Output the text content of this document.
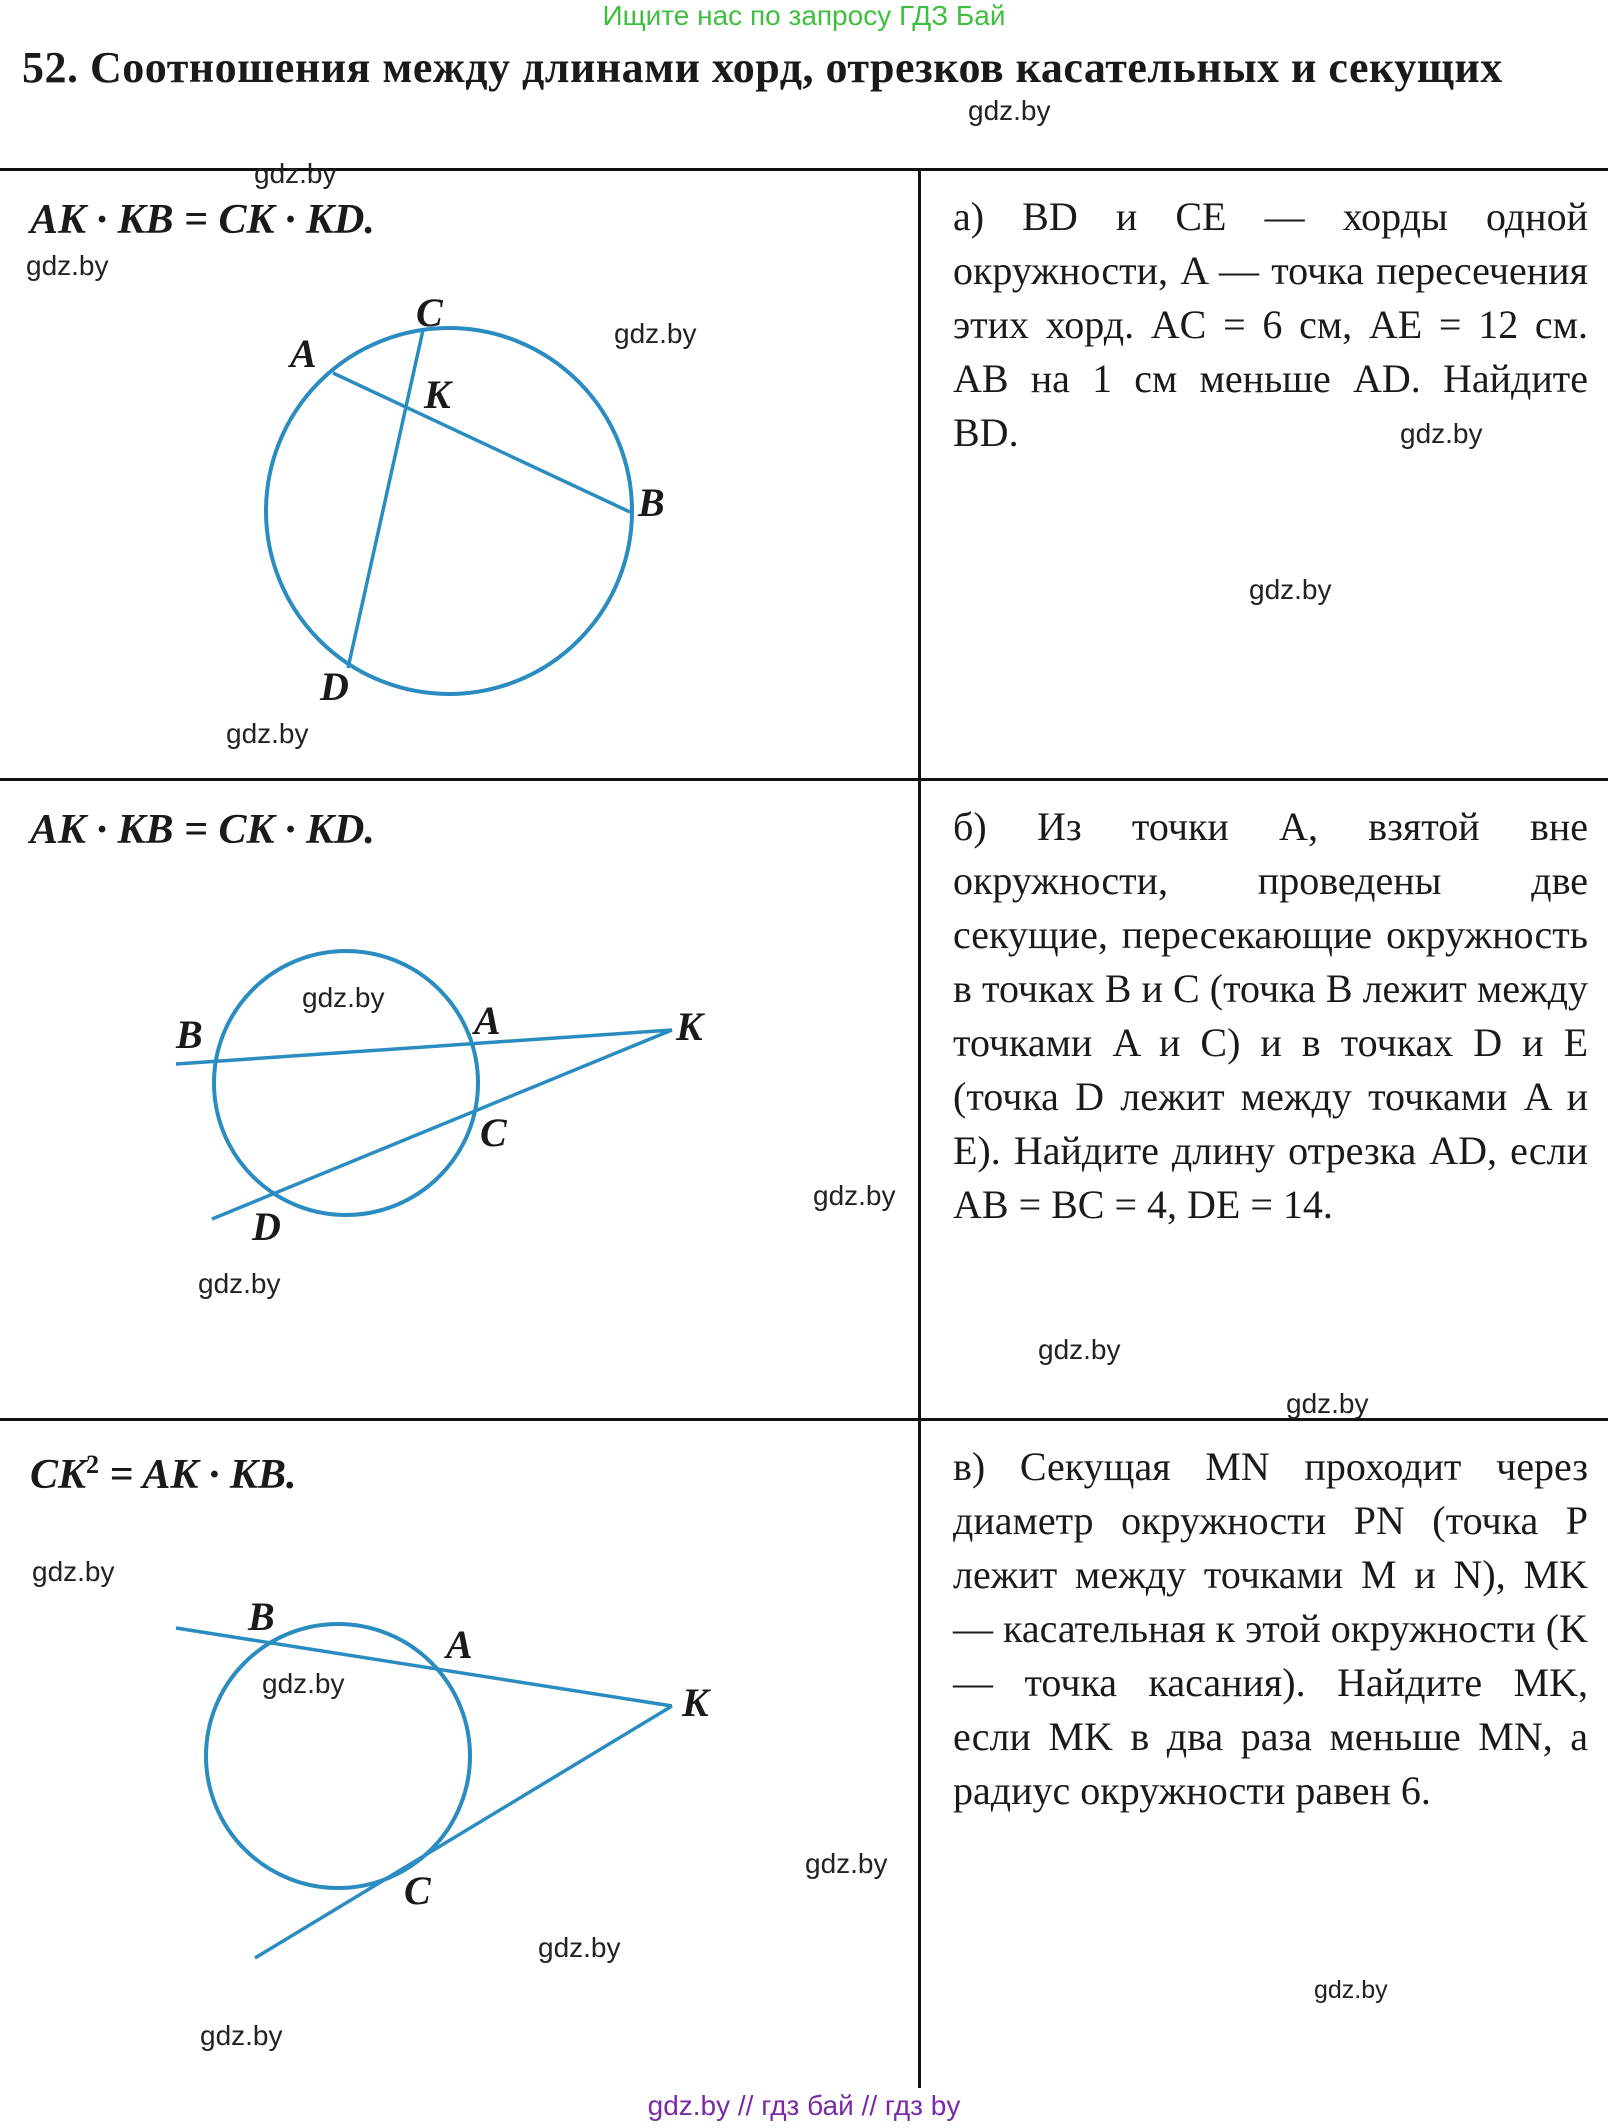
Ищите нас по запросу ГДЗ Бай
52. Соотношения между длинами хорд, отрезков касательных и секущих
gdz.by
AK · KB = CK · KD.
gdz.by
gdz.by
gdz.by
gdz.by
A
C
K
B
D
а) BD и CE — хорды одной окружности, A — точка пересечения этих хорд. AC = 6 см, AE = 12 см. AB на 1 см меньше AD. Найдите BD.	gdz.by
gdz.by
AK · KB = CK · KD.
gdz.by
gdz.by
gdz.by
B	A	K
C
D
б) Из точки A, взятой вне окружности, проведены две секущие, пересекающие окружность в точках B и C (точка B лежит между точками A и C) и в точках D и E (точка D лежит между точками A и E). Найдите длину отрезка AD, если AB = BC = 4, DE = 14.
gdz.by
gdz.by
$CK^2$ = AK · KB.
gdz.by
gdz.by
gdz.by
gdz.by
gdz.by
B
A
K
C
в) Секущая MN проходит через диаметр окружности PN (точка P лежит между точками M и N), MK — касательная к этой окружности (K — точка касания). Найдите MK, если MK в два раза меньше MN, а радиус окружности равен 6.
gdz.by
gdz.by // гдз бай // гдз by
